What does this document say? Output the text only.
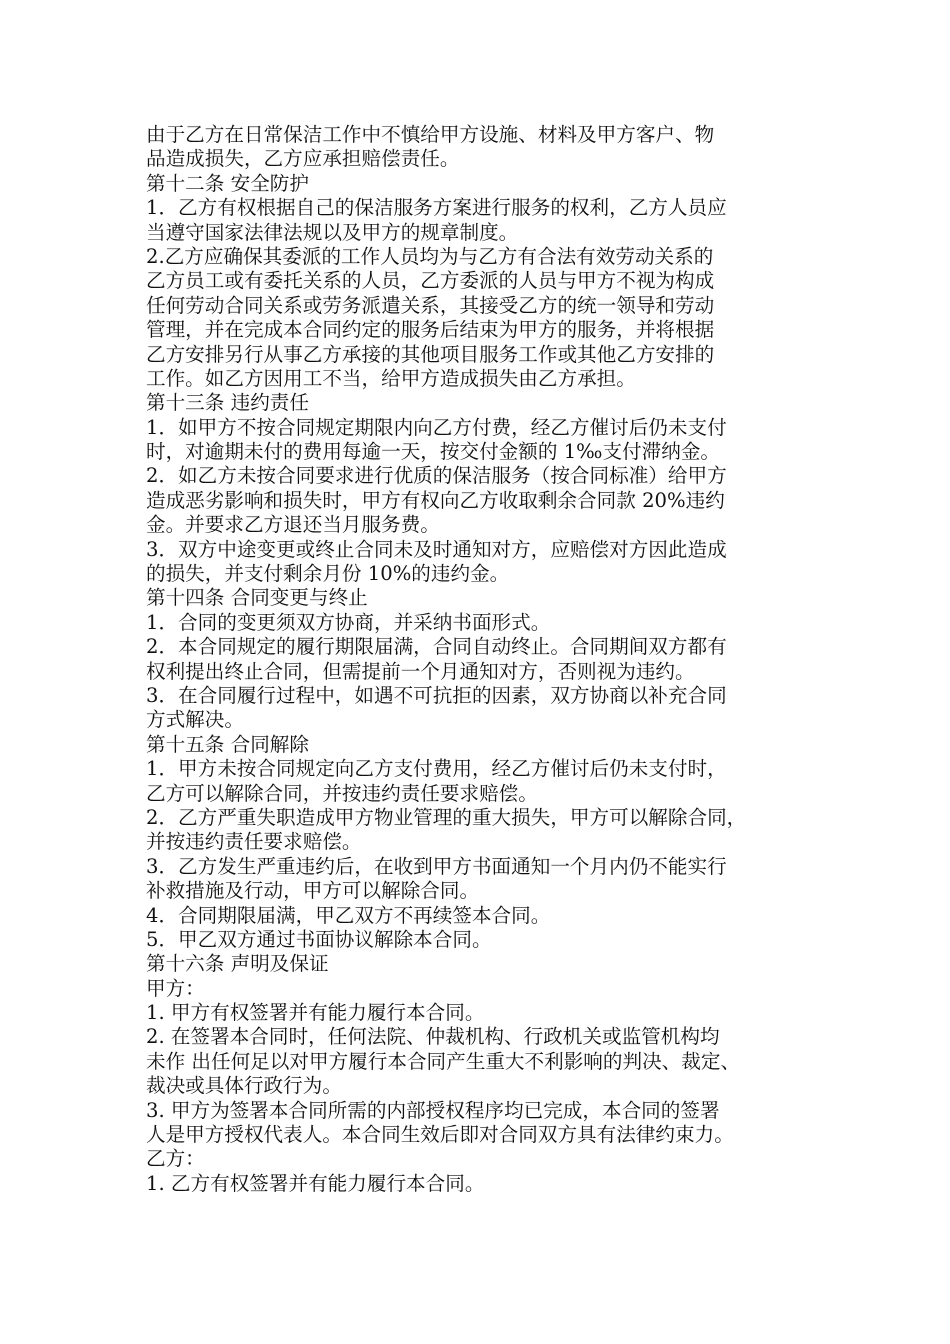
由于乙方在日常保洁工作中不慎给甲方设施、材料及甲方客户、物
品造成损失，乙方应承担赔偿责任。
第十二条 安全防护
1．乙方有权根据自己的保洁服务方案进行服务的权利，乙方人员应
当遵守国家法律法规以及甲方的规章制度。
2.乙方应确保其委派的工作人员均为与乙方有合法有效劳动关系的
乙方员工或有委托关系的人员，乙方委派的人员与甲方不视为构成
任何劳动合同关系或劳务派遣关系，其接受乙方的统一领导和劳动
管理，并在完成本合同约定的服务后结束为甲方的服务，并将根据
乙方安排另行从事乙方承接的其他项目服务工作或其他乙方安排的
工作。如乙方因用工不当，给甲方造成损失由乙方承担。
第十三条 违约责任
1．如甲方不按合同规定期限内向乙方付费，经乙方催讨后仍未支付
时，对逾期未付的费用每逾一天，按交付金额的 1‰支付滞纳金。
2．如乙方未按合同要求进行优质的保洁服务（按合同标准）给甲方
造成恶劣影响和损失时，甲方有权向乙方收取剩余合同款 20%违约
金。并要求乙方退还当月服务费。
3．双方中途变更或终止合同未及时通知对方，应赔偿对方因此造成
的损失，并支付剩余月份 10%的违约金。
第十四条 合同变更与终止
1．合同的变更须双方协商，并采纳书面形式。
2．本合同规定的履行期限届满，合同自动终止。合同期间双方都有
权利提出终止合同，但需提前一个月通知对方，否则视为违约。
3．在合同履行过程中，如遇不可抗拒的因素，双方协商以补充合同
方式解决。
第十五条 合同解除
1．甲方未按合同规定向乙方支付费用，经乙方催讨后仍未支付时，
乙方可以解除合同，并按违约责任要求赔偿。
2．乙方严重失职造成甲方物业管理的重大损失，甲方可以解除合同，
并按违约责任要求赔偿。
3．乙方发生严重违约后，在收到甲方书面通知一个月内仍不能实行
补救措施及行动，甲方可以解除合同。
4．合同期限届满，甲乙双方不再续签本合同。
5．甲乙双方通过书面协议解除本合同。
第十六条 声明及保证
甲方：
1. 甲方有权签署并有能力履行本合同。
2. 在签署本合同时，任何法院、仲裁机构、行政机关或监管机构均
未作 出任何足以对甲方履行本合同产生重大不利影响的判决、裁定、
裁决或具体行政行为。
3. 甲方为签署本合同所需的内部授权程序均已完成，本合同的签署
人是甲方授权代表人。本合同生效后即对合同双方具有法律约束力。
乙方：
1. 乙方有权签署并有能力履行本合同。
